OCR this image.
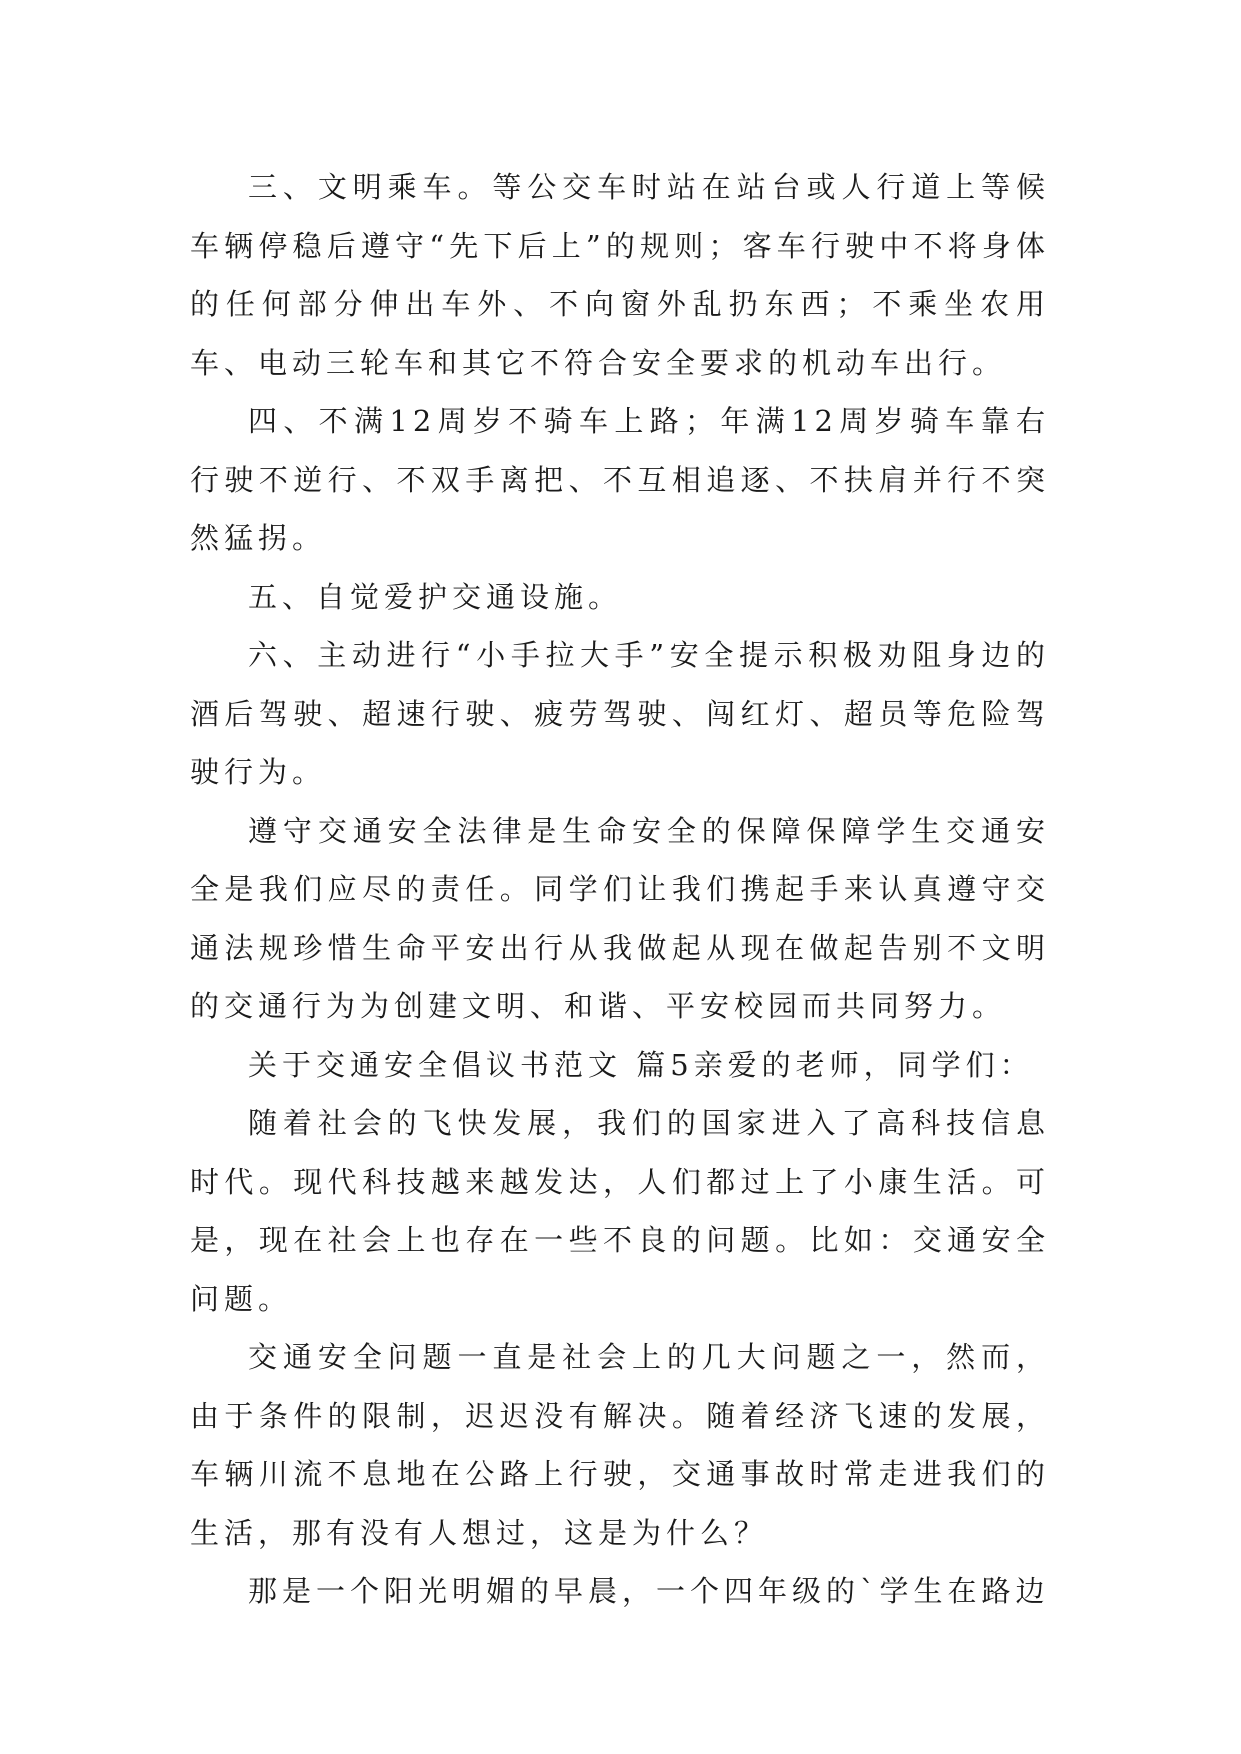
三、文明乘车。等公交车时站在站台或人行道上等候车辆停稳后遵守“先下后上”的规则；客车行驶中不将身体的任何部分伸出车外、不向窗外乱扔东西；不乘坐农用车、电动三轮车和其它不符合安全要求的机动车出行。

四、不满12周岁不骑车上路；年满12周岁骑车靠右行驶不逆行、不双手离把、不互相追逐、不扶肩并行不突然猛拐。

五、自觉爱护交通设施。

六、主动进行“小手拉大手”安全提示积极劝阻身边的酒后驾驶、超速行驶、疲劳驾驶、闯红灯、超员等危险驾驶行为。

遵守交通安全法律是生命安全的保障保障学生交通安全是我们应尽的责任。同学们让我们携起手来认真遵守交通法规珍惜生命平安出行从我做起从现在做起告别不文明的交通行为为创建文明、和谐、平安校园而共同努力。

关于交通安全倡议书范文 篇5亲爱的老师，同学们：

随着社会的飞快发展，我们的国家进入了高科技信息时代。现代科技越来越发达，人们都过上了小康生活。可是，现在社会上也存在一些不良的问题。比如：交通安全问题。

交通安全问题一直是社会上的几大问题之一，然而，由于条件的限制，迟迟没有解决。随着经济飞速的发展，车辆川流不息地在公路上行驶，交通事故时常走进我们的生活，那有没有人想过，这是为什么？

那是一个阳光明媚的早晨，一个四年级的`学生在路边
